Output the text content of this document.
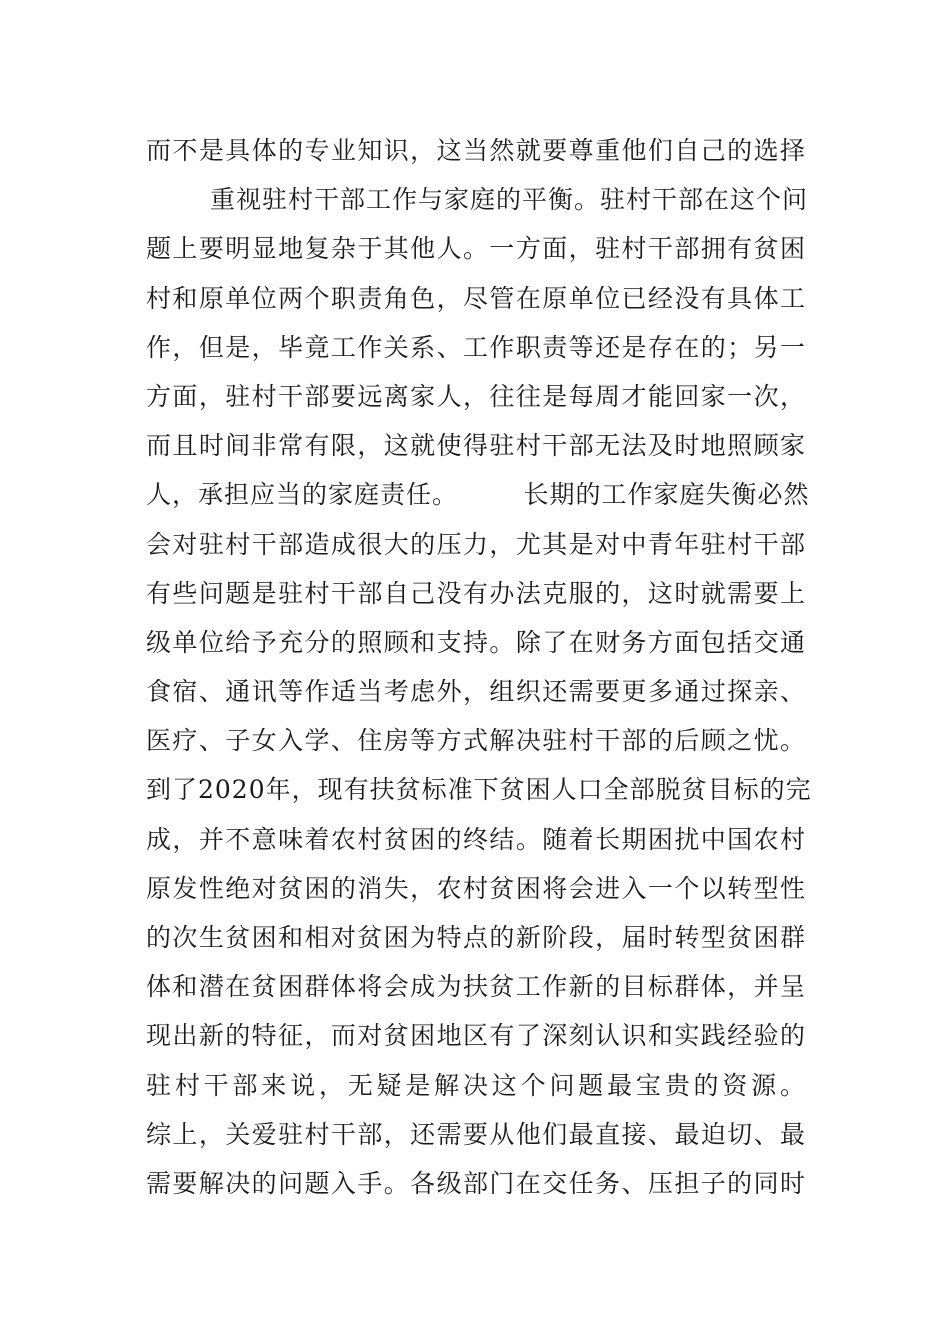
而不是具体的专业知识，这当然就要尊重他们自己的选择
重视驻村干部工作与家庭的平衡。驻村干部在这个问
题上要明显地复杂于其他人。一方面，驻村干部拥有贫困
村和原单位两个职责角色，尽管在原单位已经没有具体工
作，但是，毕竟工作关系、工作职责等还是存在的；另一
方面，驻村干部要远离家人，往往是每周才能回家一次，
而且时间非常有限，这就使得驻村干部无法及时地照顾家
人，承担应当的家庭责任。　　　长期的工作家庭失衡必然
会对驻村干部造成很大的压力，尤其是对中青年驻村干部
有些问题是驻村干部自己没有办法克服的，这时就需要上
级单位给予充分的照顾和支持。除了在财务方面包括交通
食宿、通讯等作适当考虑外，组织还需要更多通过探亲、
医疗、子女入学、住房等方式解决驻村干部的后顾之忧。
到了2020年，现有扶贫标准下贫困人口全部脱贫目标的完
成，并不意味着农村贫困的终结。随着长期困扰中国农村
原发性绝对贫困的消失，农村贫困将会进入一个以转型性
的次生贫困和相对贫困为特点的新阶段，届时转型贫困群
体和潜在贫困群体将会成为扶贫工作新的目标群体，并呈
现出新的特征，而对贫困地区有了深刻认识和实践经验的
驻村干部来说，无疑是解决这个问题最宝贵的资源。
综上，关爱驻村干部，还需要从他们最直接、最迫切、最
需要解决的问题入手。各级部门在交任务、压担子的同时
